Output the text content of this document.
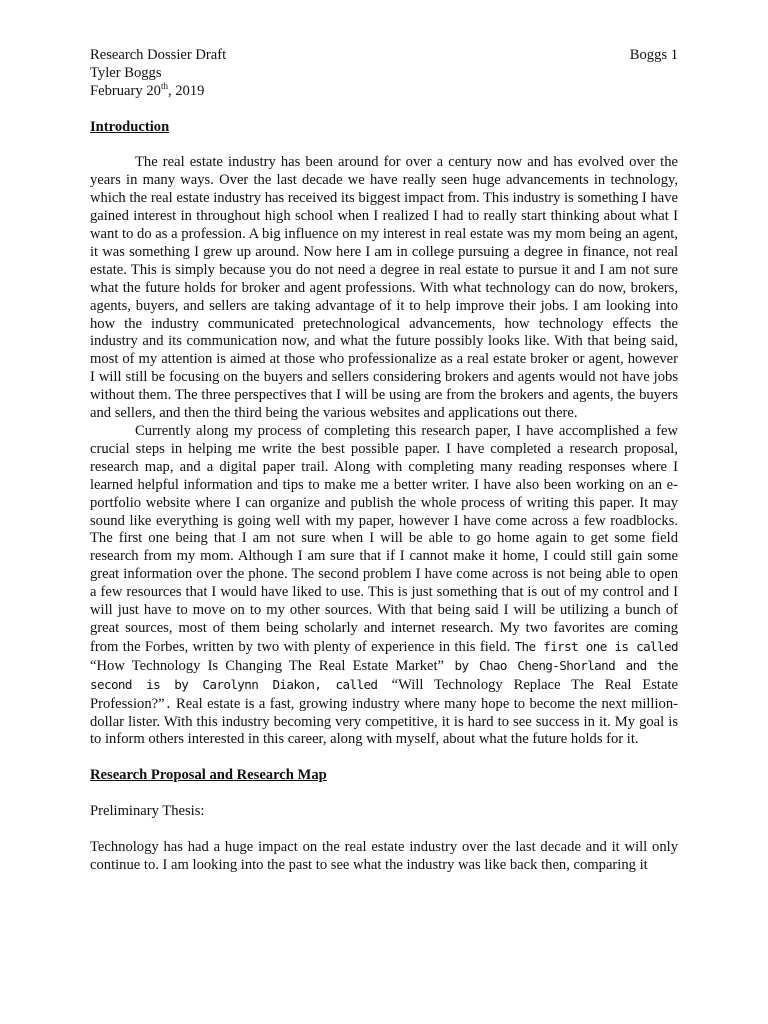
Research Dossier Draft	Boggs 1
Tyler Boggs
February 20th, 2019
Introduction

The real estate industry has been around for over a century now and has evolved over the years in many ways. Over the last decade we have really seen huge advancements in technology, which the real estate industry has received its biggest impact from. This industry is something I have gained interest in throughout high school when I realized I had to really start thinking about what I want to do as a profession. A big influence on my interest in real estate was my mom being an agent, it was something I grew up around. Now here I am in college pursuing a degree in finance, not real estate. This is simply because you do not need a degree in real estate to pursue it and I am not sure what the future holds for broker and agent professions. With what technology can do now, brokers, agents, buyers, and sellers are taking advantage of it to help improve their jobs. I am looking into how the industry communicated pretechnological advancements, how technology effects the industry and its communication now, and what the future possibly looks like. With that being said, most of my attention is aimed at those who professionalize as a real estate broker or agent, however I will still be focusing on the buyers and sellers considering brokers and agents would not have jobs without them. The three perspectives that I will be using are from the brokers and agents, the buyers and sellers, and then the third being the various websites and applications out there.

Currently along my process of completing this research paper, I have accomplished a few crucial steps in helping me write the best possible paper. I have completed a research proposal, research map, and a digital paper trail. Along with completing many reading responses where I learned helpful information and tips to make me a better writer. I have also been working on an e-portfolio website where I can organize and publish the whole process of writing this paper. It may sound like everything is going well with my paper, however I have come across a few roadblocks. The first one being that I am not sure when I will be able to go home again to get some field research from my mom. Although I am sure that if I cannot make it home, I could still gain some great information over the phone. The second problem I have come across is not being able to open a few resources that I would have liked to use. This is just something that is out of my control and I will just have to move on to my other sources. With that being said I will be utilizing a bunch of great sources, most of them being scholarly and internet research. My two favorites are coming from the Forbes, written by two with plenty of experience in this field. The first one is called “How Technology Is Changing The Real Estate Market” by Chao Cheng-Shorland and the second is by Carolynn Diakon, called “Will Technology Replace The Real Estate Profession?”. Real estate is a fast, growing industry where many hope to become the next million-dollar lister. With this industry becoming very competitive, it is hard to see success in it. My goal is to inform others interested in this career, along with myself, about what the future holds for it.

Research Proposal and Research Map
Preliminary Thesis:

Technology has had a huge impact on the real estate industry over the last decade and it will only continue to. I am looking into the past to see what the industry was like back then, comparing it
